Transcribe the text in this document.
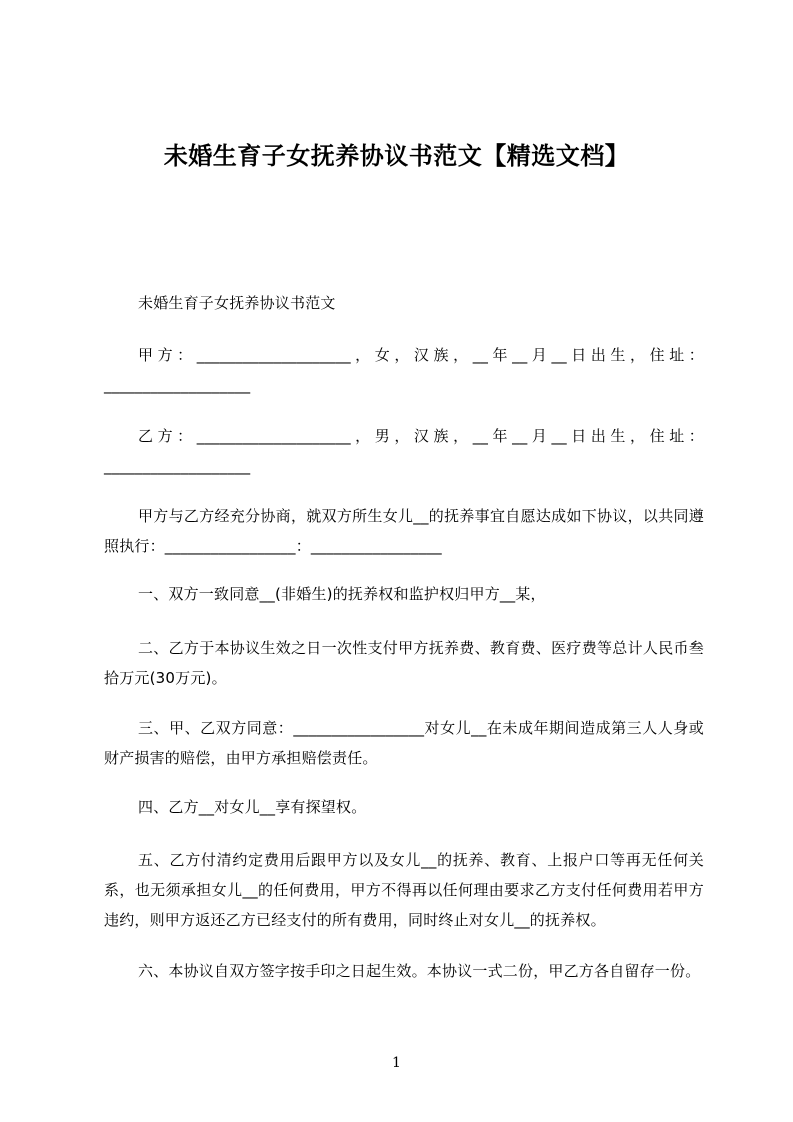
未婚生育子女抚养协议书范文【精选文档】

未婚生育子女抚养协议书范文

甲方：____________________，女，汉族，__年__月__日出生，住址：___________________

乙方：____________________，男，汉族，__年__月__日出生，住址：___________________

甲方与乙方经充分协商，就双方所生女儿__的抚养事宜自愿达成如下协议，以共同遵照执行：_________________：_________________

一、双方一致同意__(非婚生)的抚养权和监护权归甲方__某，

二、乙方于本协议生效之日一次性支付甲方抚养费、教育费、医疗费等总计人民币叁拾万元(30万元)。

三、甲、乙双方同意：_________________对女儿__在未成年期间造成第三人人身或财产损害的赔偿，由甲方承担赔偿责任。

四、乙方__对女儿__享有探望权。

五、乙方付清约定费用后跟甲方以及女儿__的抚养、教育、上报户口等再无任何关系，也无须承担女儿__的任何费用，甲方不得再以任何理由要求乙方支付任何费用若甲方违约，则甲方返还乙方已经支付的所有费用，同时终止对女儿__的抚养权。

六、本协议自双方签字按手印之日起生效。本协议一式二份，甲乙方各自留存一份。

1
